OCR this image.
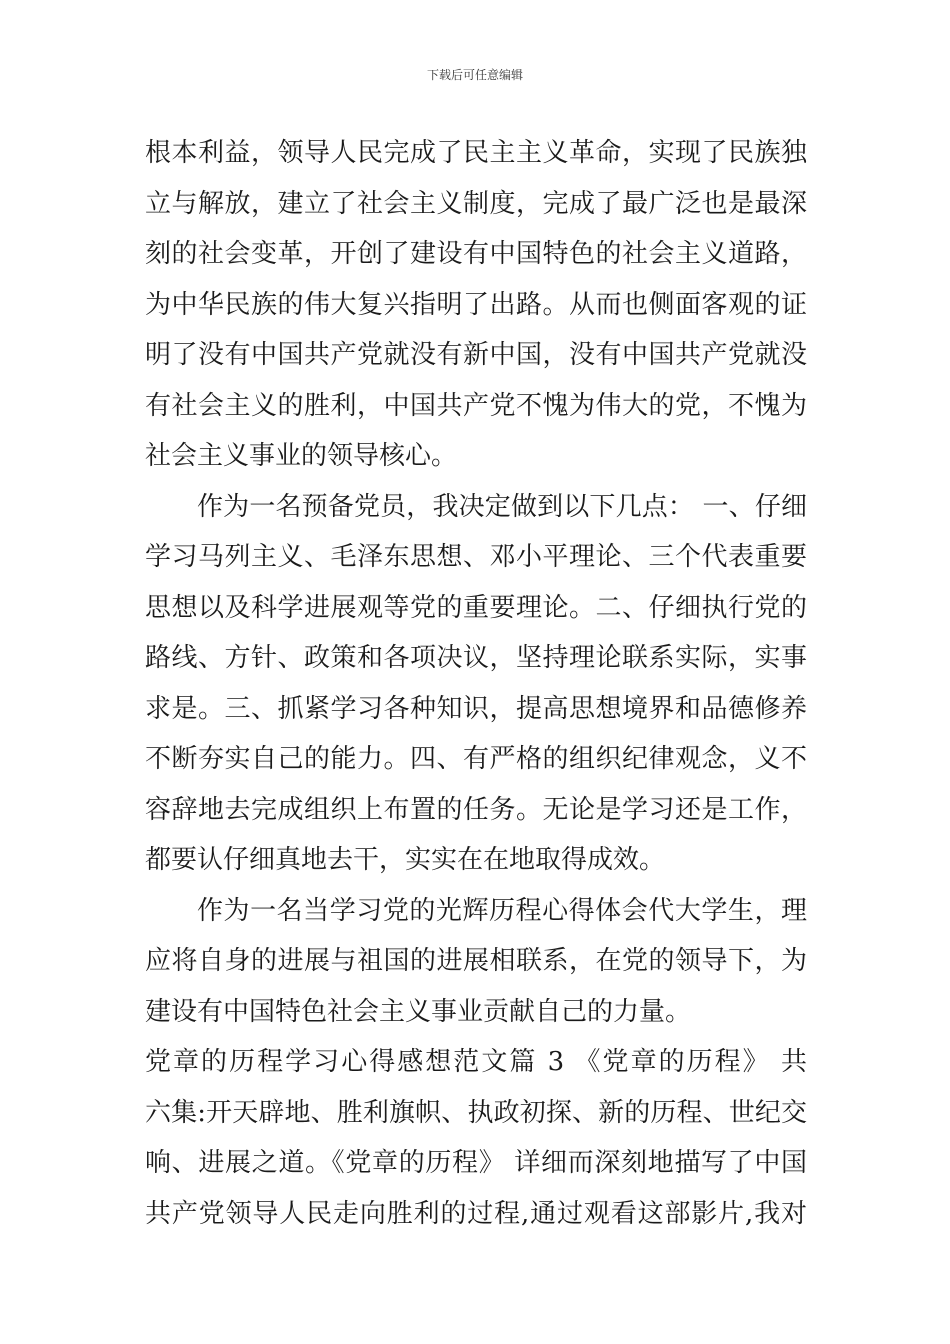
下载后可任意编辑
根本利益，领导人民完成了民主主义革命，实现了民族独
立与解放，建立了社会主义制度，完成了最广泛也是最深
刻的社会变革，开创了建设有中国特色的社会主义道路，
为中华民族的伟大复兴指明了出路。从而也侧面客观的证
明了没有中国共产党就没有新中国，没有中国共产党就没
有社会主义的胜利，中国共产党不愧为伟大的党，不愧为
社会主义事业的领导核心。
作为一名预备党员，我决定做到以下几点： 一、仔细
学习马列主义、毛泽东思想、邓小平理论、三个代表重要
思想以及科学进展观等党的重要理论。二、仔细执行党的
路线、方针、政策和各项决议，坚持理论联系实际，实事
求是。三、抓紧学习各种知识，提高思想境界和品德修养
不断夯实自己的能力。四、有严格的组织纪律观念，义不
容辞地去完成组织上布置的任务。无论是学习还是工作，
都要认仔细真地去干，实实在在地取得成效。
作为一名当学习党的光辉历程心得体会代大学生，理
应将自身的进展与祖国的进展相联系，在党的领导下，为
建设有中国特色社会主义事业贡献自己的力量。
党章的历程学习心得感想范文篇 3 《党章的历程》 共
六集:开天辟地、胜利旗帜、执政初探、新的历程、世纪交
响、进展之道。《党章的历程》 详细而深刻地描写了中国
共产党领导人民走向胜利的过程,通过观看这部影片,我对
